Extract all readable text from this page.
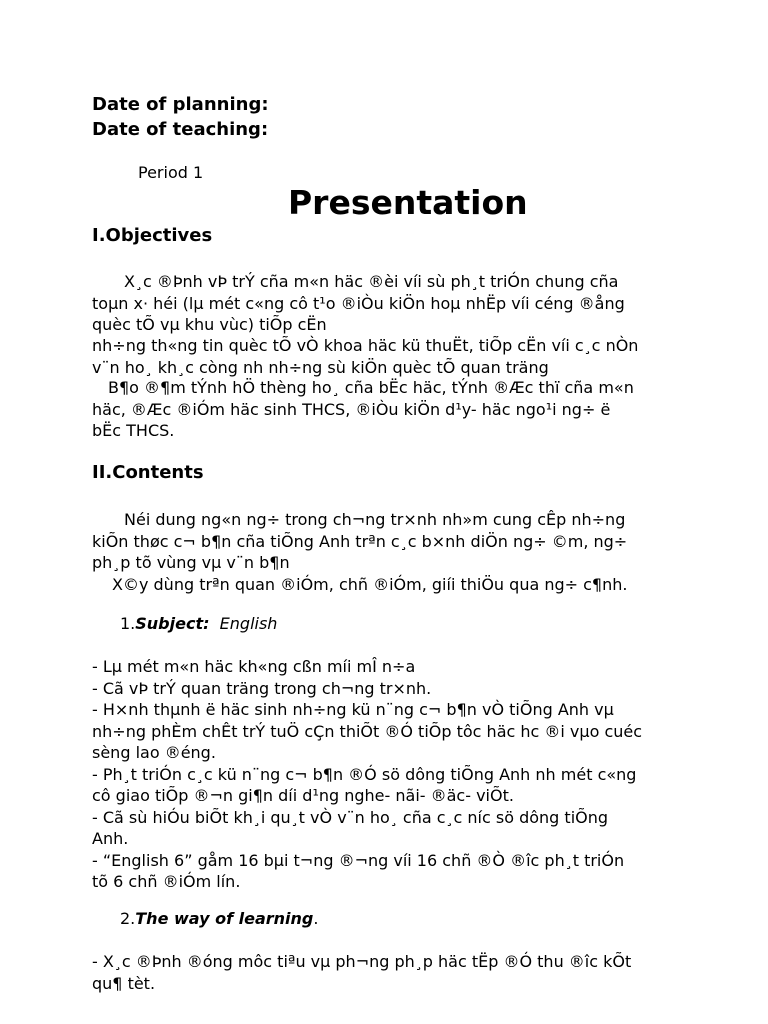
Date of planning:
Date of teaching:
Period 1
Presentation
I.Objectives

X¸c ®Þnh vÞ trÝ cña m«n häc ®èi víi sù ph¸t triÓn chung cña
toµn x· héi (lµ mét c«ng cô t¹o ®iÒu kiÖn hoµ nhËp víi céng ®ång
quèc tÕ vµ khu vùc) tiÕp cËn

nh÷ng th«ng tin quèc tÕ vÒ khoa häc kü thuËt, tiÕp cËn víi c¸c nÒn
v¨n ho¸ kh¸c còng nh nh÷ng sù kiÖn quèc tÕ quan träng

B¶o ®¶m tÝnh hÖ thèng ho¸ cña bËc häc, tÝnh ®Æc thï cña m«n
häc, ®Æc ®iÓm häc sinh THCS, ®iÒu kiÖn d¹y- häc ngo¹i ng÷ ë
bËc THCS.

II.Contents

Néi dung ng«n ng÷ trong ch¬ng tr×nh nh»m cung cÊp nh÷ng
kiÕn thøc c¬ b¶n cña tiÕng Anh trªn c¸c b×nh diÖn ng÷ ©m, ng÷
ph¸p tõ vùng vµ v¨n b¶n
X©y dùng trªn quan ®iÓm, chñ ®iÓm, giíi thiÖu qua ng÷ c¶nh.

1.Subject: English

- Lµ mét m«n häc kh«ng cßn míi mÎ n÷a
- Cã vÞ trÝ quan träng trong ch¬ng tr×nh.
- H×nh thµnh ë häc sinh nh÷ng kü n¨ng c¬ b¶n vÒ tiÕng Anh vµ
nh÷ng phÈm chÊt trÝ tuÖ cÇn thiÕt ®Ó tiÕp tôc häc hc ®i vµo cuéc
sèng lao ®éng.
- Ph¸t triÓn c¸c kü n¨ng c¬ b¶n ®Ó sö dông tiÕng Anh nh mét c«ng
cô giao tiÕp ®¬n gi¶n díi d¹ng nghe- nãi- ®äc- viÕt.
- Cã sù hiÓu biÕt kh¸i qu¸t vÒ v¨n ho¸ cña c¸c níc sö dông tiÕng
Anh.
- “English 6” gåm 16 bµi t¬ng ®¬ng víi 16 chñ ®Ò ®îc ph¸t triÓn
tõ 6 chñ ®iÓm lín.

2.The way of learning.

- X¸c ®Þnh ®óng môc tiªu vµ ph¬ng ph¸p häc tËp ®Ó thu ®îc kÕt
qu¶ tèt.
